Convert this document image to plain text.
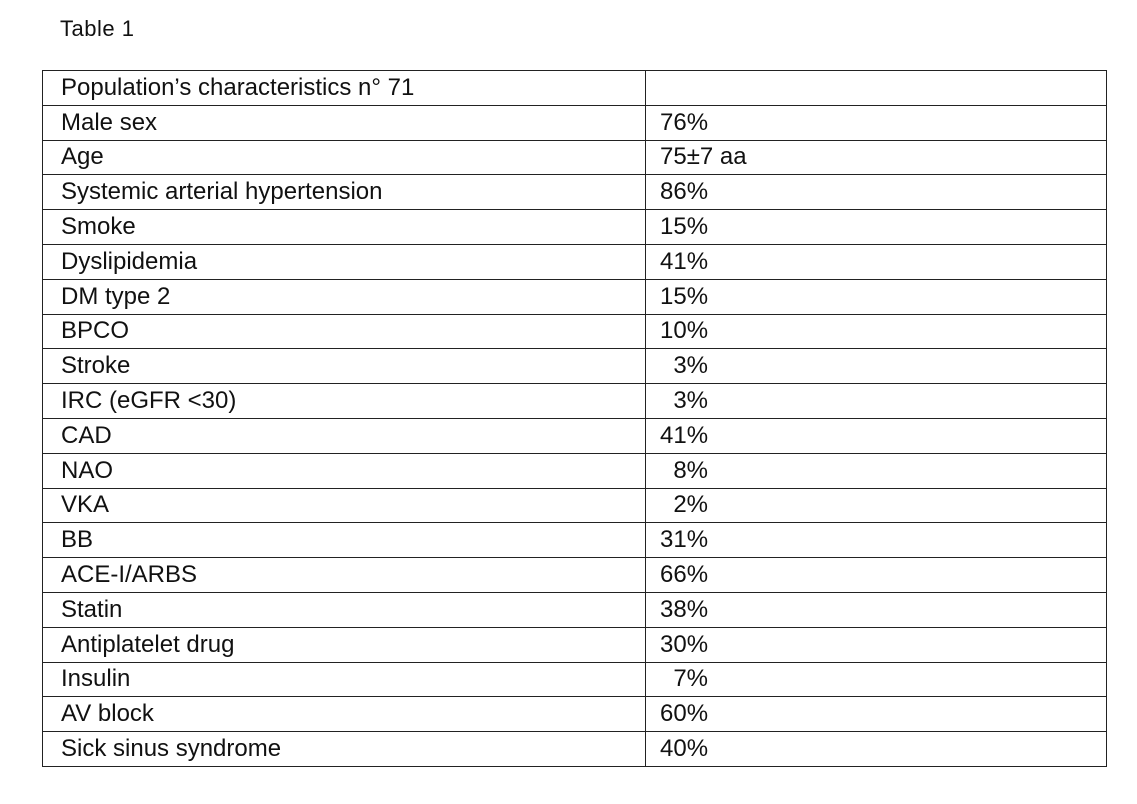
Table 1
Population’s characteristics n° 71	
Male sex	76%
Age	75±7 aa
Systemic arterial hypertension	86%
Smoke	15%
Dyslipidemia	41%
DM type 2	15%
BPCO	10%
Stroke	3%
IRC (eGFR <30)	3%
CAD	41%
NAO	8%
VKA	2%
BB	31%
ACE-I/ARBS	66%
Statin	38%
Antiplatelet drug	30%
Insulin	7%
AV block	60%
Sick sinus syndrome	40%
